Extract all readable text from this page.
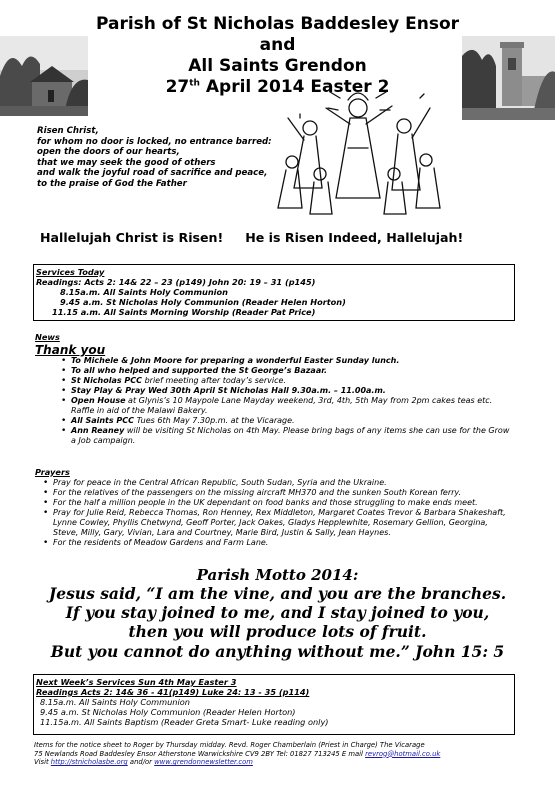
Parish of St Nicholas Baddesley Ensor and
All Saints Grendon
27th April 2014 Easter 2
Risen Christ,
for whom no door is locked, no entrance barred:
open the doors of our hearts,
that we may seek the good of others
and walk the joyful road of sacrifice and peace,
to the praise of God the Father
Hallelujah Christ is Risen! He is Risen Indeed, Hallelujah!
Services Today
Readings: Acts 2: 14& 22 – 23 (p149) John 20: 19 – 31 (p145)
8.15a.m. All Saints Holy Communion
9.45 a.m. St Nicholas Holy Communion (Reader Helen Horton)
11.15 a.m. All Saints Morning Worship (Reader Pat Price)
News
Thank you
• To Michele & John Moore for preparing a wonderful Easter Sunday lunch.
• To all who helped and supported the St George’s Bazaar.
• St Nicholas PCC brief meeting after today’s service.
• Stay Play & Pray Wed 30th April St Nicholas Hall 9.30a.m. – 11.00a.m.
• Open House at Glynis’s 10 Maypole Lane Mayday weekend, 3rd, 4th, 5th May from 2pm cakes teas etc. Raffle in aid of the Malawi Bakery.
• All Saints PCC Tues 6th May 7.30p.m. at the Vicarage.
• Ann Reaney will be visiting St Nicholas on 4th May. Please bring bags of any items she can use for the Grow a Job campaign.
Prayers
• Pray for peace in the Central African Republic, South Sudan, Syria and the Ukraine.
• For the relatives of the passengers on the missing aircraft MH370 and the sunken South Korean ferry.
• For the half a million people in the UK dependant on food banks and those struggling to make ends meet.
• Pray for Julie Reid, Rebecca Thomas, Ron Henney, Rex Middleton, Margaret Coates Trevor & Barbara Shakeshaft, Lynne Cowley, Phyllis Chetwynd, Geoff Porter, Jack Oakes, Gladys Hepplewhite, Rosemary Gellion, Georgina, Steve, Milly, Gary, Vivian, Lara and Courtney, Marie Bird, Justin & Sally, Jean Haynes.
• For the residents of Meadow Gardens and Farm Lane.
Parish Motto 2014:
Jesus said, “I am the vine, and you are the branches.
If you stay joined to me, and I stay joined to you,
then you will produce lots of fruit.
But you cannot do anything without me.” John 15: 5
Next Week’s Services Sun 4th May Easter 3
Readings Acts 2: 14& 36 - 41(p149) Luke 24: 13 - 35 (p114)
8.15a.m. All Saints Holy Communion
9.45 a.m. St Nicholas Holy Communion (Reader Helen Horton)
11.15a.m. All Saints Baptism (Reader Greta Smart- Luke reading only)
Items for the notice sheet to Roger by Thursday midday. Revd. Roger Chamberlain (Priest in Charge) The Vicarage
75 Newlands Road Baddesley Ensor Atherstone Warwickshire CV9 2BY Tel: 01827 713245 E mail revrog@hotmail.co.uk
Visit http://stnicholasbe.org and/or www.grendonnewsletter.com
